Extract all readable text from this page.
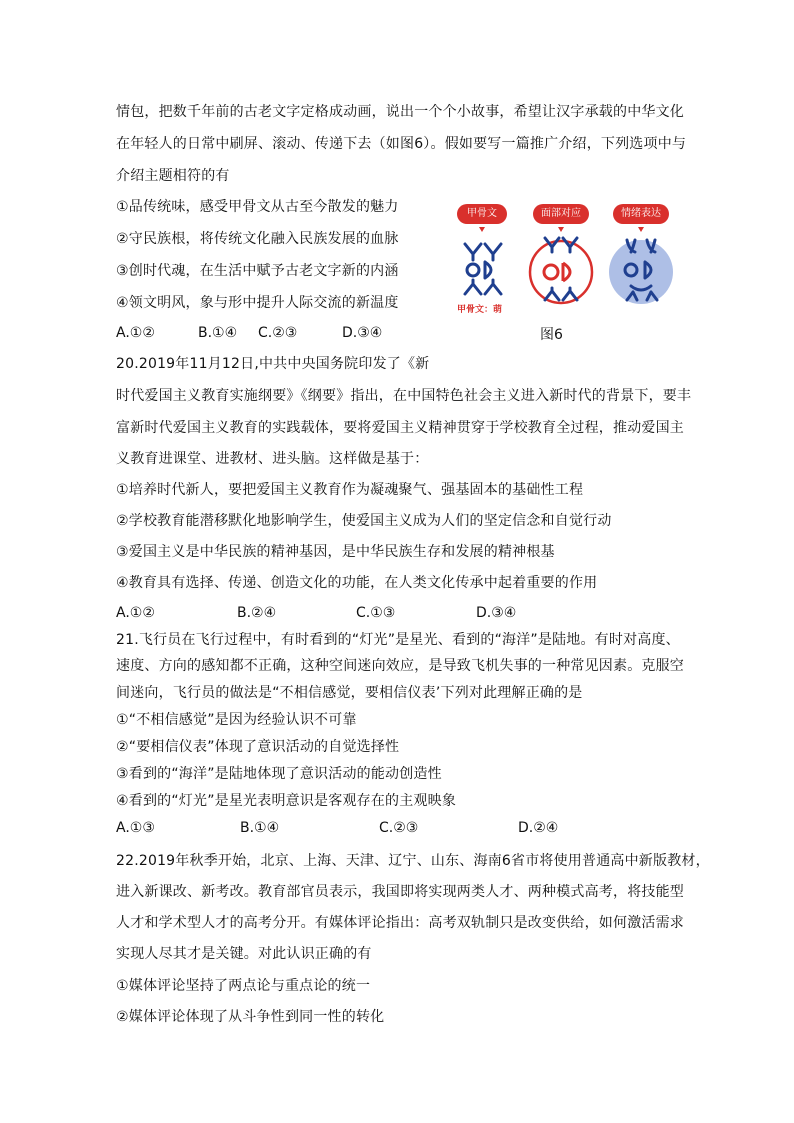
情包，把数千年前的古老文字定格成动画，说出一个个小故事，希望让汉字承载的中华文化
在年轻人的日常中刷屏、滚动、传递下去（如图6）。假如要写一篇推广介绍，下列选项中与
介绍主题相符的有
①品传统味，感受甲骨文从古至今散发的魅力
②守民族根，将传统文化融入民族发展的血脉
③创时代魂，在生活中赋予古老文字新的内涵
④领文明风，象与形中提升人际交流的新温度
A.①②	B.①④ C.②③	D.③④
甲骨文	面部对应	情绪表达
甲骨文：萌
图6
20.2019年11月12日,中共中央国务院印发了《新
时代爱国主义教育实施纲要》《纲要》指出，在中国特色社会主义进入新时代的背景下，要丰
富新时代爱国主义教育的实践载体，要将爱国主义精神贯穿于学校教育全过程，推动爱国主
义教育进课堂、进教材、进头脑。这样做是基于：
①培养时代新人，要把爱国主义教育作为凝魂聚气、强基固本的基础性工程
②学校教育能潜移默化地影响学生，使爱国主义成为人们的坚定信念和自觉行动
③爱国主义是中华民族的精神基因，是中华民族生存和发展的精神根基
④教育具有选择、传递、创造文化的功能，在人类文化传承中起着重要的作用
A.①②	B.②④	C.①③	D.③④
21.飞行员在飞行过程中，有时看到的“灯光”是星光、看到的“海洋”是陆地。有时对高度、
速度、方向的感知都不正确，这种空间迷向效应，是导致飞机失事的一种常见因素。克服空
间迷向，飞行员的做法是“不相信感觉，要相信仪表’下列对此理解正确的是
①“不相信感觉”是因为经验认识不可靠
②“要相信仪表”体现了意识活动的自觉选择性
③看到的“海洋”是陆地体现了意识活动的能动创造性
④看到的“灯光”是星光表明意识是客观存在的主观映象
A.①③	B.①④	C.②③	D.②④
22.2019年秋季开始，北京、上海、天津、辽宁、山东、海南6省市将使用普通高中新版教材，
进入新课改、新考改。教育部官员表示，我国即将实现两类人才、两种模式高考，将技能型
人才和学术型人才的高考分开。有媒体评论指出：高考双轨制只是改变供给，如何激活需求
实现人尽其才是关键。对此认识正确的有
①媒体评论坚持了两点论与重点论的统一
②媒体评论体现了从斗争性到同一性的转化
